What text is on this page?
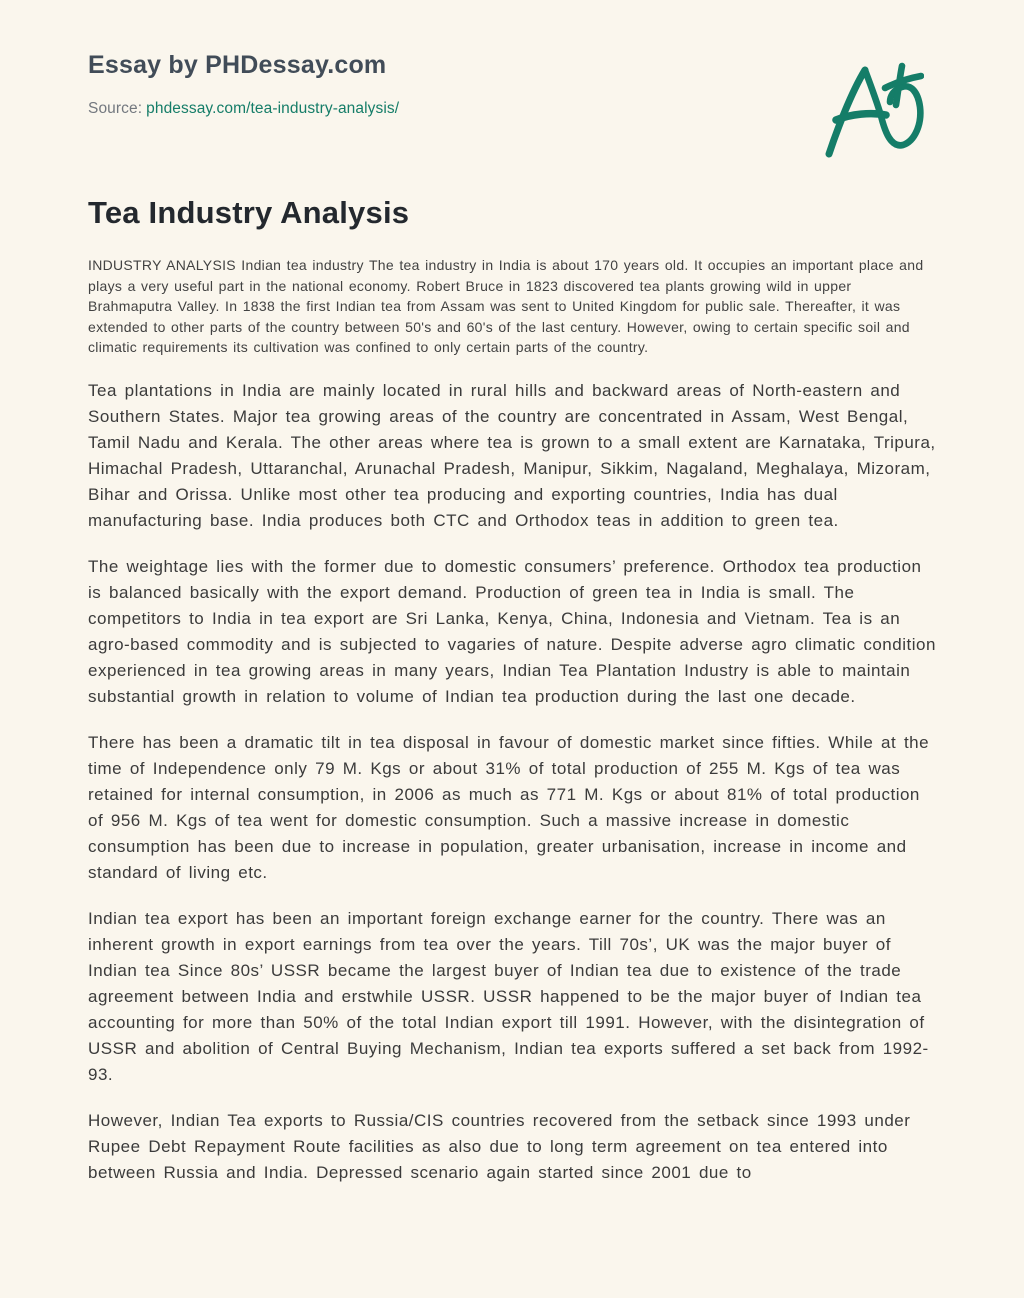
Essay by PHDessay.com
Source: phdessay.com/tea-industry-analysis/
Tea Industry Analysis

INDUSTRY ANALYSIS Indian tea industry The tea industry in India is about 170 years old. It occupies an important place and plays a very useful part in the national economy. Robert Bruce in 1823 discovered tea plants growing wild in upper Brahmaputra Valley. In 1838 the first Indian tea from Assam was sent to United Kingdom for public sale. Thereafter, it was extended to other parts of the country between 50's and 60's of the last century. However, owing to certain specific soil and climatic requirements its cultivation was confined to only certain parts of the country.

Tea plantations in India are mainly located in rural hills and backward areas of North-eastern and Southern States. Major tea growing areas of the country are concentrated in Assam, West Bengal, Tamil Nadu and Kerala. The other areas where tea is grown to a small extent are Karnataka, Tripura, Himachal Pradesh, Uttaranchal, Arunachal Pradesh, Manipur, Sikkim, Nagaland, Meghalaya, Mizoram, Bihar and Orissa. Unlike most other tea producing and exporting countries, India has dual manufacturing base. India produces both CTC and Orthodox teas in addition to green tea.

The weightage lies with the former due to domestic consumers’ preference. Orthodox tea production is balanced basically with the export demand. Production of green tea in India is small. The competitors to India in tea export are Sri Lanka, Kenya, China, Indonesia and Vietnam. Tea is an agro-based commodity and is subjected to vagaries of nature. Despite adverse agro climatic condition experienced in tea growing areas in many years, Indian Tea Plantation Industry is able to maintain substantial growth in relation to volume of Indian tea production during the last one decade.

There has been a dramatic tilt in tea disposal in favour of domestic market since fifties. While at the time of Independence only 79 M. Kgs or about 31% of total production of 255 M. Kgs of tea was retained for internal consumption, in 2006 as much as 771 M. Kgs or about 81% of total production of 956 M. Kgs of tea went for domestic consumption. Such a massive increase in domestic consumption has been due to increase in population, greater urbanisation, increase in income and standard of living etc.

Indian tea export has been an important foreign exchange earner for the country. There was an inherent growth in export earnings from tea over the years. Till 70s’, UK was the major buyer of Indian tea Since 80s’ USSR became the largest buyer of Indian tea due to existence of the trade agreement between India and erstwhile USSR. USSR happened to be the major buyer of Indian tea accounting for more than 50% of the total Indian export till 1991. However, with the disintegration of USSR and abolition of Central Buying Mechanism, Indian tea exports suffered a set back from 1992-93.

However, Indian Tea exports to Russia/CIS countries recovered from the setback since 1993 under Rupee Debt Repayment Route facilities as also due to long term agreement on tea entered into between Russia and India. Depressed scenario again started since 2001 due to
